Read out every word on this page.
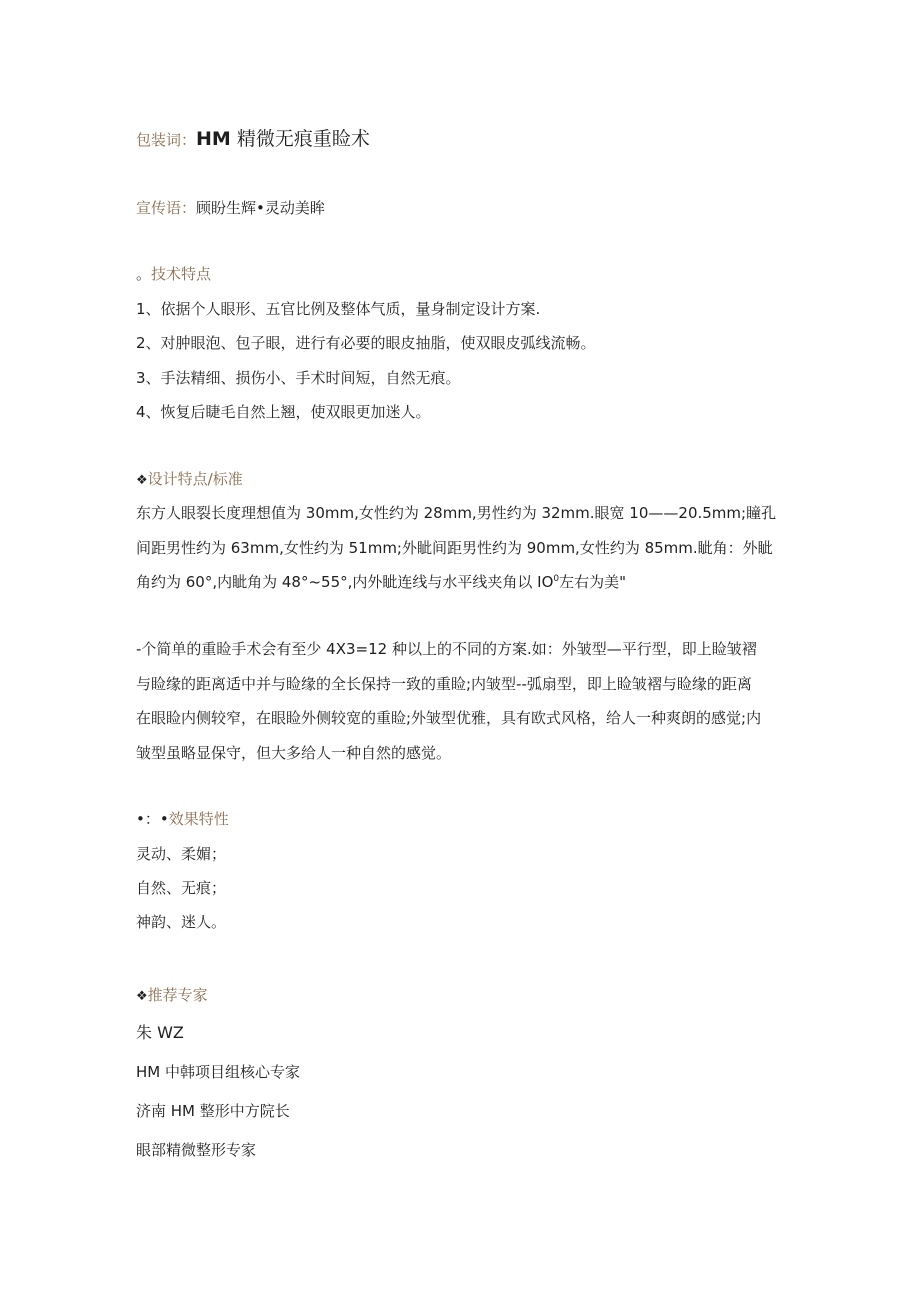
包装词：HM 精微无痕重睑术
宣传语：顾盼生辉•灵动美眸
。技术特点
1、依据个人眼形、五官比例及整体气质，量身制定设计方案.
2、对肿眼泡、包子眼，进行有必要的眼皮抽脂，使双眼皮弧线流畅。
3、手法精细、损伤小、手术时间短，自然无痕。
4、恢复后睫毛自然上翘，使双眼更加迷人。
❖设计特点/标准
东方人眼裂长度理想值为 30mm,女性约为 28mm,男性约为 32mm.眼宽 10——20.5mm;瞳孔
间距男性约为 63mm,女性约为 51mm;外眦间距男性约为 90mm,女性约为 85mm.眦角：外眦
角约为 60°,内眦角为 48°~55°,内外眦连线与水平线夹角以 $IO^0$左右为美"
-个简单的重睑手术会有至少 4X3=12 种以上的不同的方案.如：外皱型—平行型，即上睑皱褶
与睑缘的距离适中并与睑缘的全长保持一致的重睑;内皱型--弧扇型，即上睑皱褶与睑缘的距离
在眼睑内侧较窄，在眼睑外侧较宽的重睑;外皱型优雅，具有欧式风格，给人一种爽朗的感觉;内
皱型虽略显保守，但大多给人一种自然的感觉。
•：•效果特性
灵动、柔媚；
自然、无痕；
神韵、迷人。
❖推荐专家
朱 WZ
HM 中韩项目组核心专家
济南 HM 整形中方院长
眼部精微整形专家
